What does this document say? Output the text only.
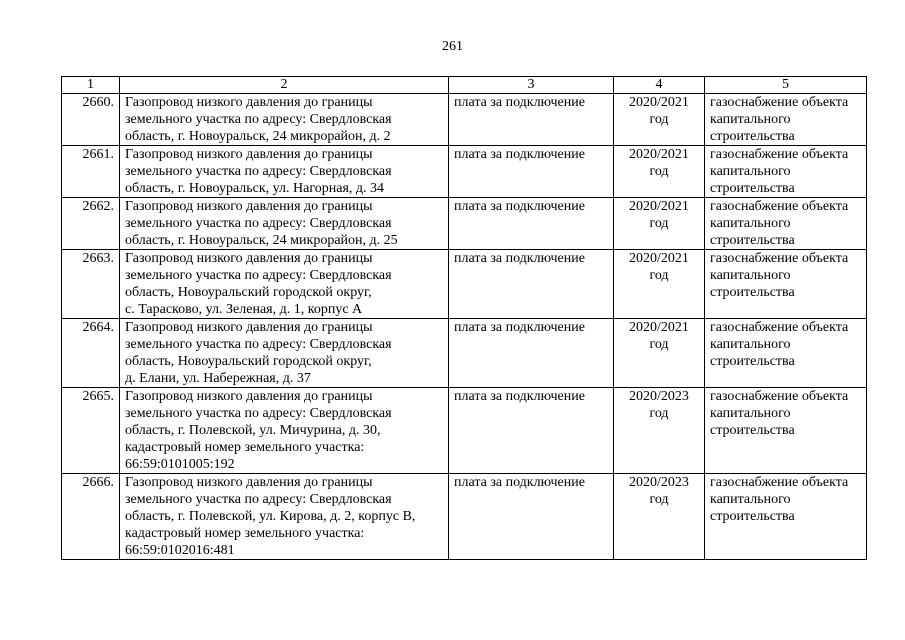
261
1	2	3	4	5
2660.	Газопровод низкого давления до границы
земельного участка по адресу: Свердловская
область, г. Новоуральск, 24 микрорайон, д. 2	плата за подключение	2020/2021
год	газоснабжение объекта
капитального
строительства

2661.	Газопровод низкого давления до границы
земельного участка по адресу: Свердловская
область, г. Новоуральск, ул. Нагорная, д. 34	плата за подключение	2020/2021
год	газоснабжение объекта
капитального
строительства

2662.	Газопровод низкого давления до границы
земельного участка по адресу: Свердловская
область, г. Новоуральск, 24 микрорайон, д. 25	плата за подключение	2020/2021
год	газоснабжение объекта
капитального
строительства

2663.	Газопровод низкого давления до границы
земельного участка по адресу: Свердловская
область, Новоуральский городской округ,
с. Тарасково, ул. Зеленая, д. 1, корпус А	плата за подключение	2020/2021
год	газоснабжение объекта
капитального
строительства

2664.	Газопровод низкого давления до границы
земельного участка по адресу: Свердловская
область, Новоуральский городской округ,
д. Елани, ул. Набережная, д. 37	плата за подключение	2020/2021
год	газоснабжение объекта
капитального
строительства

2665.	Газопровод низкого давления до границы
земельного участка по адресу: Свердловская
область, г. Полевской, ул. Мичурина, д. 30,
кадастровый номер земельного участка:
66:59:0101005:192	плата за подключение	2020/2023
год	газоснабжение объекта
капитального
строительства

2666.	Газопровод низкого давления до границы
земельного участка по адресу: Свердловская
область, г. Полевской, ул. Кирова, д. 2, корпус В,
кадастровый номер земельного участка:
66:59:0102016:481	плата за подключение	2020/2023
год	газоснабжение объекта
капитального
строительства
